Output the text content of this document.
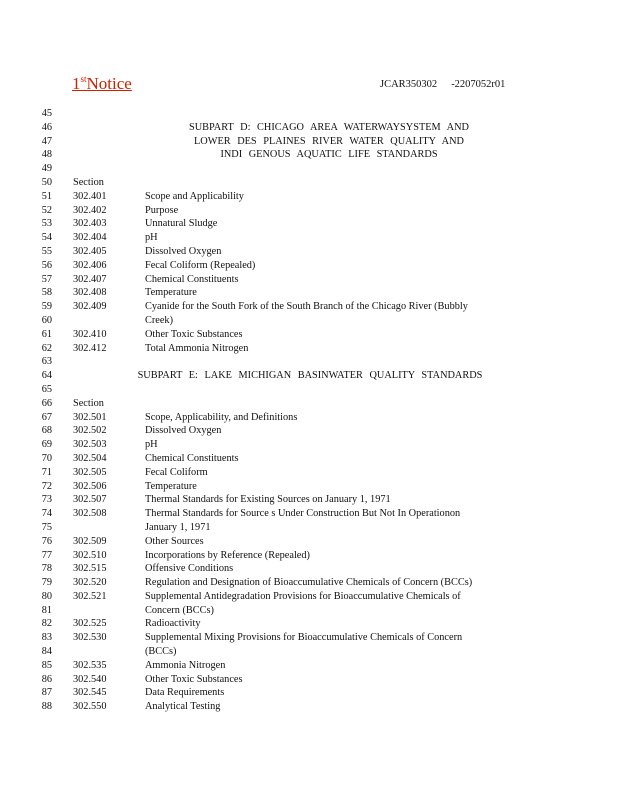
1stNotice	JCAR350302 -2207052r01
45
46	SUBPART D: CHICAGO AREA WATERWAYSYSTEM AND
47	LOWER DES PLAINES RIVER WATER QUALITY AND
48	INDI GENOUS AQUATIC LIFE STANDARDS
49
50 Section
51 302.401	Scope and Applicability
52 302.402	Purpose
53 302.403	Unnatural Sludge
54 302.404	pH
55 302.405	Dissolved Oxygen
56 302.406	Fecal Coliform (Repealed)
57 302.407	Chemical Constituents
58 302.408	Temperature
59 302.409	Cyanide for the South Fork of the South Branch of the Chicago River (Bubbly
60	Creek)
61 302.410	Other Toxic Substances
62 302.412	Total Ammonia Nitrogen
63
64	SUBPART E: LAKE MICHIGAN BASINWATER QUALITY STANDARDS
65
66 Section
67 302.501	Scope, Applicability, and Definitions
68 302.502	Dissolved Oxygen
69 302.503	pH
70 302.504	Chemical Constituents
71 302.505	Fecal Coliform
72 302.506	Temperature
73 302.507	Thermal Standards for Existing Sources on January 1, 1971
74 302.508	Thermal Standards for Source s Under Construction But Not In Operationon
75	January 1, 1971
76 302.509	Other Sources
77 302.510	Incorporations by Reference (Repealed)
78 302.515	Offensive Conditions
79 302.520	Regulation and Designation of Bioaccumulative Chemicals of Concern (BCCs)
80 302.521	Supplemental Antidegradation Provisions for Bioaccumulative Chemicals of
81	Concern (BCCs)
82 302.525	Radioactivity
83 302.530	Supplemental Mixing Provisions for Bioaccumulative Chemicals of Concern
84	(BCCs)
85 302.535	Ammonia Nitrogen
86 302.540	Other Toxic Substances
87 302.545	Data Requirements
88 302.550	Analytical Testing
